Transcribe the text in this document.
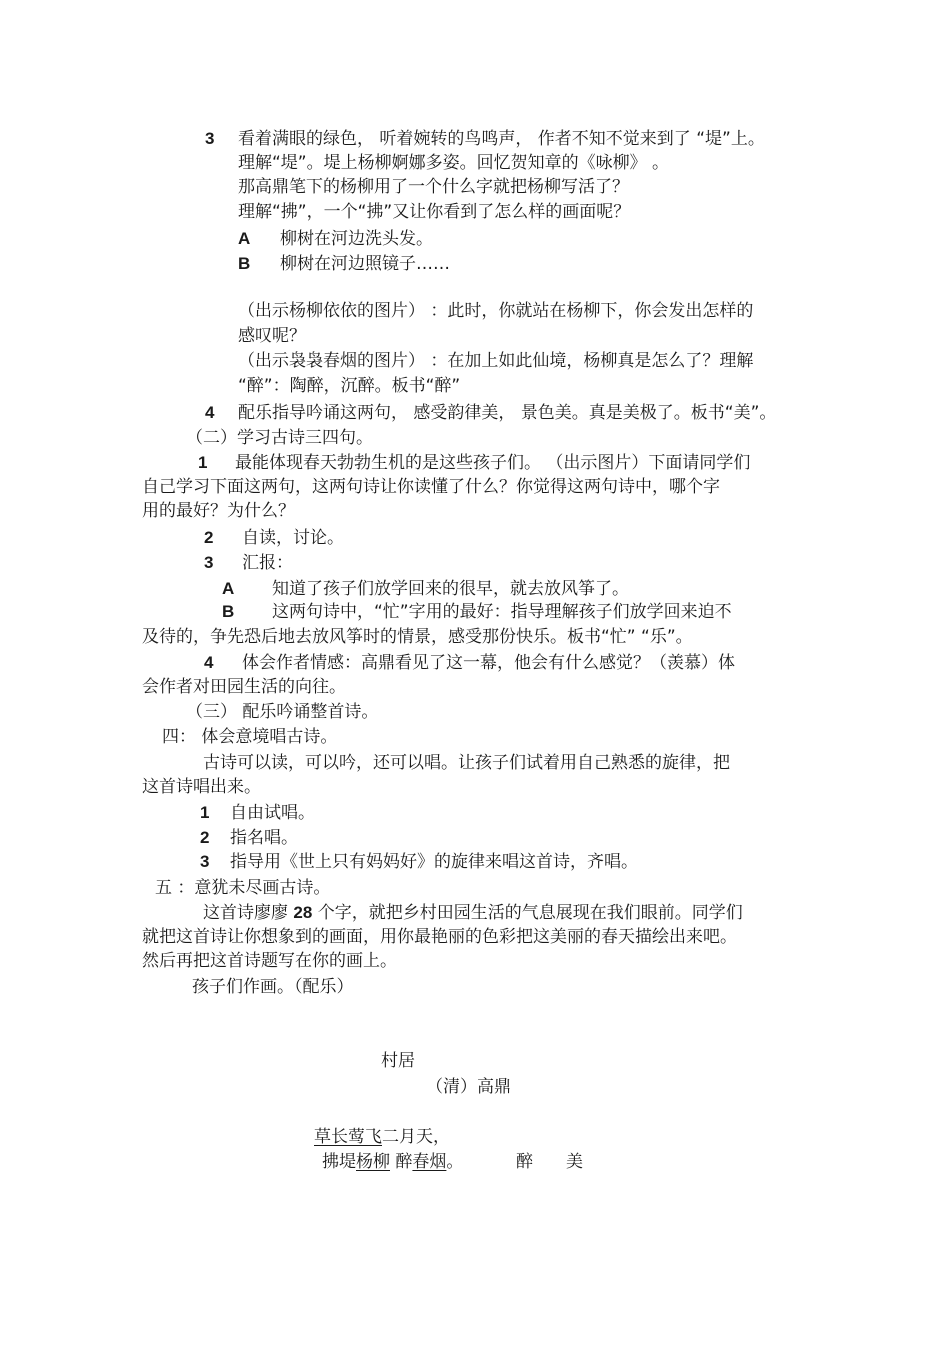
3 看着满眼的绿色， 听着婉转的鸟鸣声， 作者不知不觉来到了 “堤”上。
理解“堤”。堤上杨柳婀娜多姿。回忆贺知章的《咏柳》 。
那高鼎笔下的杨柳用了一个什么字就把杨柳写活了？
理解“拂”，一个“拂”又让你看到了怎么样的画面呢？
A 柳树在河边洗头发。
B 柳树在河边照镜子……
（出示杨柳依依的图片） ：此时，你就站在杨柳下，你会发出怎样的
感叹呢？
（出示袅袅春烟的图片） ：在加上如此仙境，杨柳真是怎么了？理解
“醉”：陶醉，沉醉。板书“醉”
4 配乐指导吟诵这两句， 感受韵律美， 景色美。真是美极了。板书“美”。
（二）学习古诗三四句。
1 最能体现春天勃勃生机的是这些孩子们。 （出示图片）下面请同学们
自己学习下面这两句，这两句诗让你读懂了什么？你觉得这两句诗中，哪个字
用的最好？为什么？
2 自读，讨论。
3 汇报：
A 知道了孩子们放学回来的很早，就去放风筝了。
B 这两句诗中，“忙”字用的最好：指导理解孩子们放学回来迫不
及待的，争先恐后地去放风筝时的情景，感受那份快乐。板书“忙” “乐”。
4 体会作者情感：高鼎看见了这一幕，他会有什么感觉？（羡慕）体
会作者对田园生活的向往。
（三） 配乐吟诵整首诗。
四： 体会意境唱古诗。
古诗可以读，可以吟，还可以唱。让孩子们试着用自己熟悉的旋律，把
这首诗唱出来。
1 自由试唱。
2 指名唱。
3 指导用《世上只有妈妈好》的旋律来唱这首诗，齐唱。
五 ：意犹未尽画古诗。
这首诗廖廖 28 个字，就把乡村田园生活的气息展现在我们眼前。同学们
就把这首诗让你想象到的画面，用你最艳丽的色彩把这美丽的春天描绘出来吧。
然后再把这首诗题写在你的画上。
孩子们作画。（配乐）
村居
（清）高鼎
草长莺飞二月天，
拂堤杨柳 醉春烟。	醉 美
